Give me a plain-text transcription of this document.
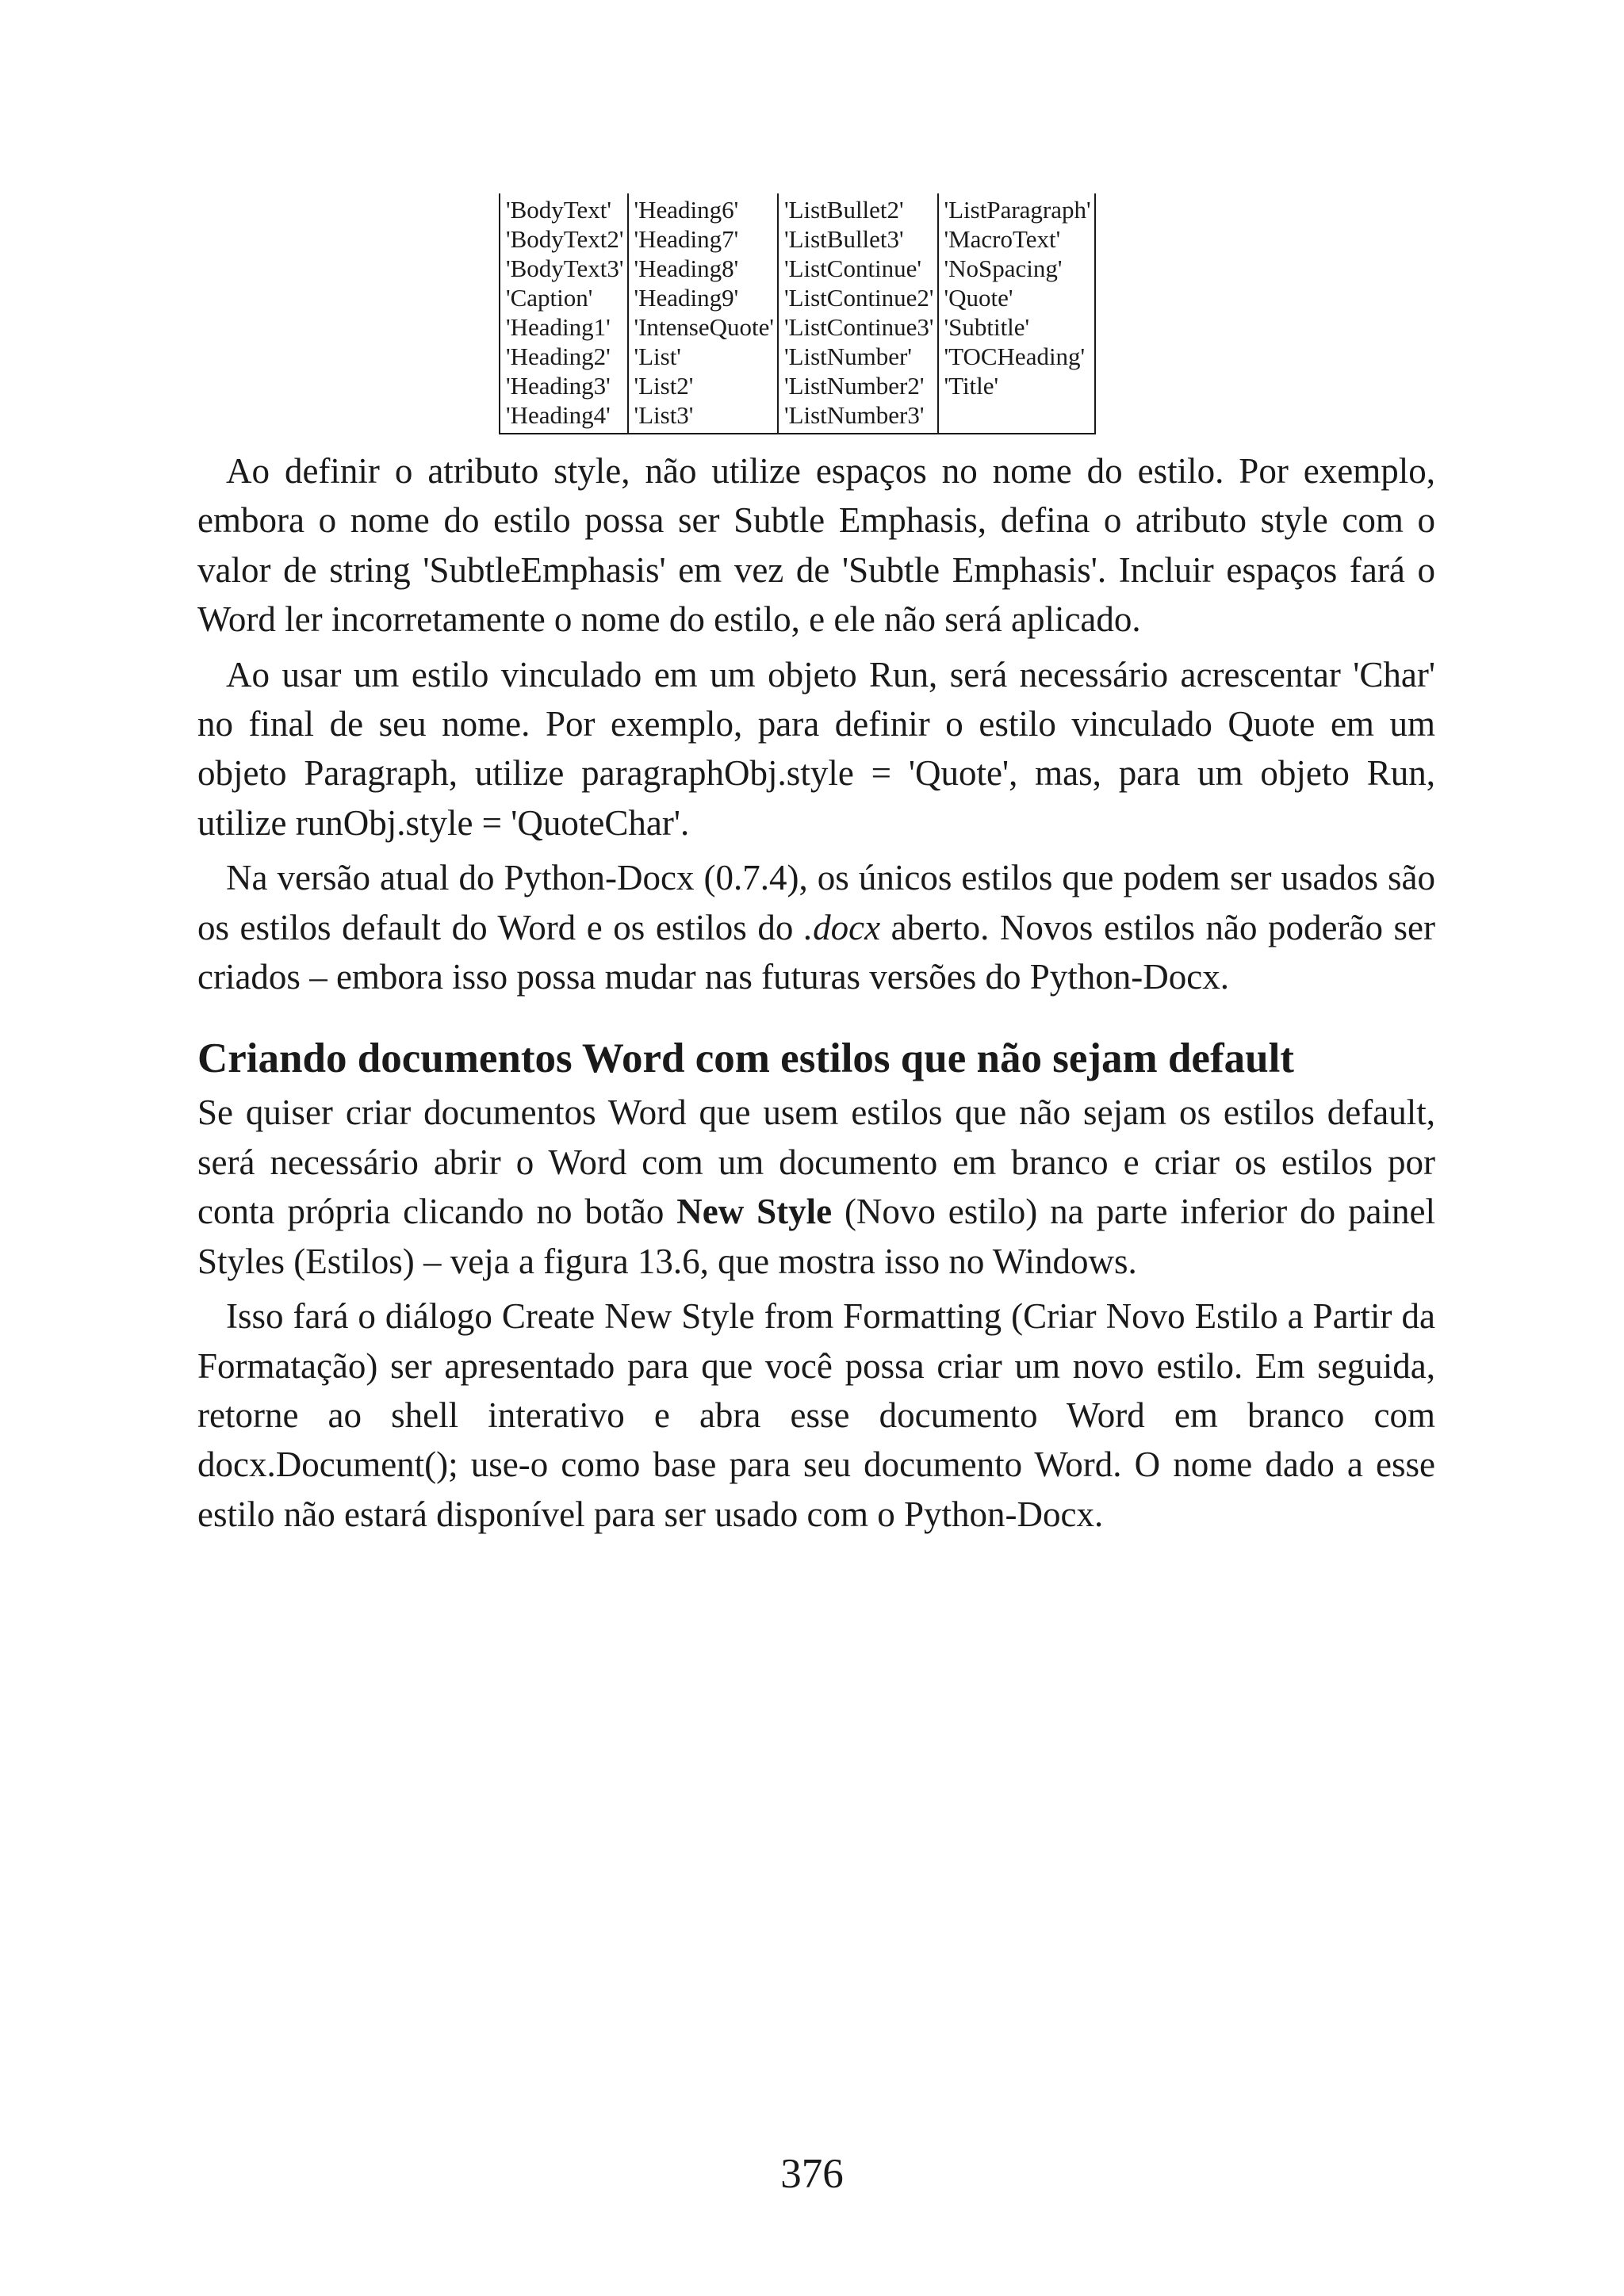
'BodyText'	'Heading6'	'ListBullet2'	'ListParagraph'
'BodyText2'	'Heading7'	'ListBullet3'	'MacroText'
'BodyText3'	'Heading8'	'ListContinue'	'NoSpacing'
'Caption'	'Heading9'	'ListContinue2'	'Quote'
'Heading1'	'IntenseQuote'	'ListContinue3'	'Subtitle'
'Heading2'	'List'	'ListNumber'	'TOCHeading'
'Heading3'	'List2'	'ListNumber2'	'Title'
'Heading4'	'List3'	'ListNumber3'	

Ao definir o atributo style, não utilize espaços no nome do estilo. Por exemplo, embora o nome do estilo possa ser Subtle Emphasis, defina o atributo style com o valor de string 'SubtleEmphasis' em vez de 'Subtle Emphasis'. Incluir espaços fará o Word ler incorretamente o nome do estilo, e ele não será aplicado.

Ao usar um estilo vinculado em um objeto Run, será necessário acrescentar 'Char' no final de seu nome. Por exemplo, para definir o estilo vinculado Quote em um objeto Paragraph, utilize paragraphObj.style = 'Quote', mas, para um objeto Run, utilize runObj.style = 'QuoteChar'.

Na versão atual do Python-Docx (0.7.4), os únicos estilos que podem ser usados são os estilos default do Word e os estilos do .docx aberto. Novos estilos não poderão ser criados – embora isso possa mudar nas futuras versões do Python-Docx.

Criando documentos Word com estilos que não sejam default

Se quiser criar documentos Word que usem estilos que não sejam os estilos default, será necessário abrir o Word com um documento em branco e criar os estilos por conta própria clicando no botão New Style (Novo estilo) na parte inferior do painel Styles (Estilos) – veja a figura 13.6, que mostra isso no Windows.

Isso fará o diálogo Create New Style from Formatting (Criar Novo Estilo a Partir da Formatação) ser apresentado para que você possa criar um novo estilo. Em seguida, retorne ao shell interativo e abra esse documento Word em branco com docx.Document(); use-o como base para seu documento Word. O nome dado a esse estilo não estará disponível para ser usado com o Python-Docx.

376
